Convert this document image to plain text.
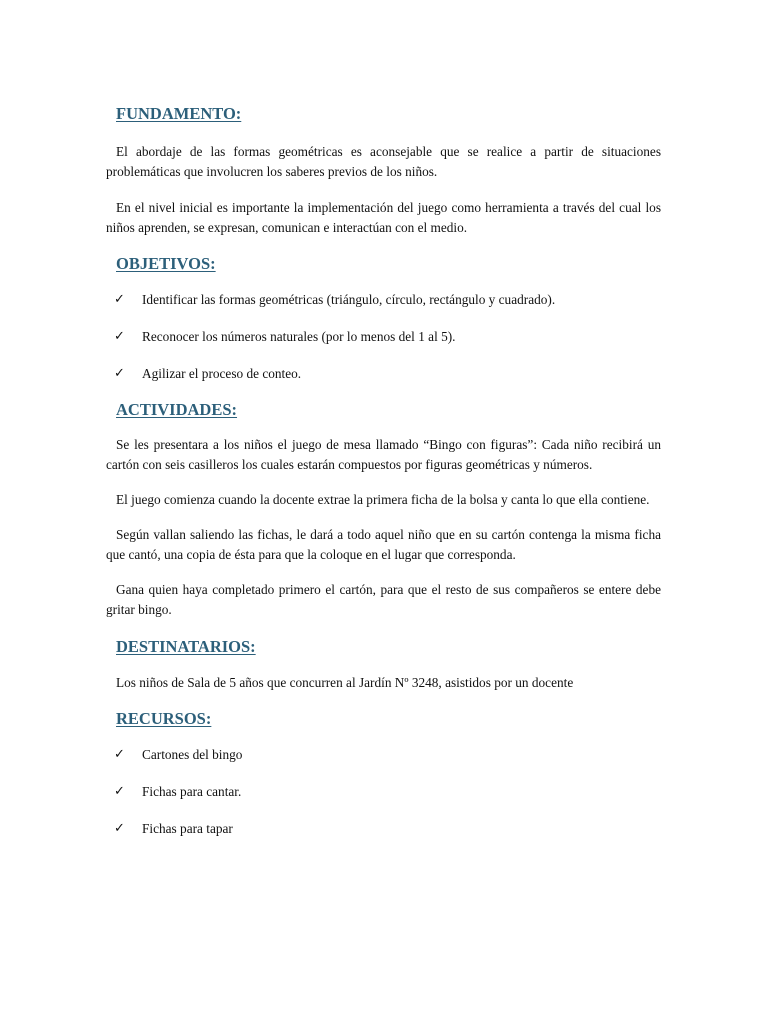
FUNDAMENTO:

El abordaje de las formas geométricas es aconsejable que se realice a partir de situaciones problemáticas que involucren los saberes previos de los niños.

En el nivel inicial es importante la implementación del juego como herramienta a través del cual los niños aprenden, se expresan, comunican e interactúan con el medio.

OBJETIVOS:
✓ Identificar las formas geométricas (triángulo, círculo, rectángulo y cuadrado).
✓ Reconocer los números naturales (por lo menos del 1 al 5).
✓ Agilizar el proceso de conteo.
ACTIVIDADES:

Se les presentara a los niños el juego de mesa llamado “Bingo con figuras”: Cada niño recibirá un cartón con seis casilleros los cuales estarán compuestos por figuras geométricas y números.

El juego comienza cuando la docente extrae la primera ficha de la bolsa y canta lo que ella contiene.

Según vallan saliendo las fichas, le dará a todo aquel niño que en su cartón contenga la misma ficha que cantó, una copia de ésta para que la coloque en el lugar que corresponda.

Gana quien haya completado primero el cartón, para que el resto de sus compañeros se entere debe gritar bingo.

DESTINATARIOS:

Los niños de Sala de 5 años que concurren al Jardín Nº 3248, asistidos por un docente

RECURSOS:
✓ Cartones del bingo
✓ Fichas para cantar.
✓ Fichas para tapar
